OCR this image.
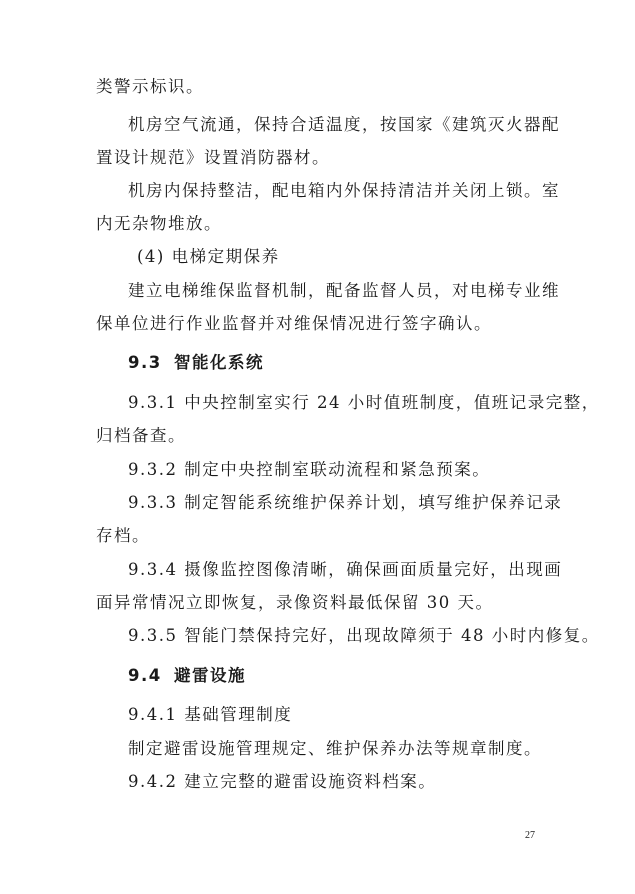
类警示标识。
机房空气流通，保持合适温度，按国家《建筑灭火器配
置设计规范》设置消防器材。
机房内保持整洁，配电箱内外保持清洁并关闭上锁。室
内无杂物堆放。
(4) 电梯定期保养
建立电梯维保监督机制，配备监督人员，对电梯专业维
保单位进行作业监督并对维保情况进行签字确认。
9.3 智能化系统
9.3.1 中央控制室实行 24 小时值班制度，值班记录完整，
归档备查。
9.3.2 制定中央控制室联动流程和紧急预案。
9.3.3 制定智能系统维护保养计划，填写维护保养记录
存档。
9.3.4 摄像监控图像清晰，确保画面质量完好，出现画
面异常情况立即恢复，录像资料最低保留 30 天。
9.3.5 智能门禁保持完好，出现故障须于 48 小时内修复。
9.4 避雷设施
9.4.1 基础管理制度
制定避雷设施管理规定、维护保养办法等规章制度。
9.4.2 建立完整的避雷设施资料档案。
27
